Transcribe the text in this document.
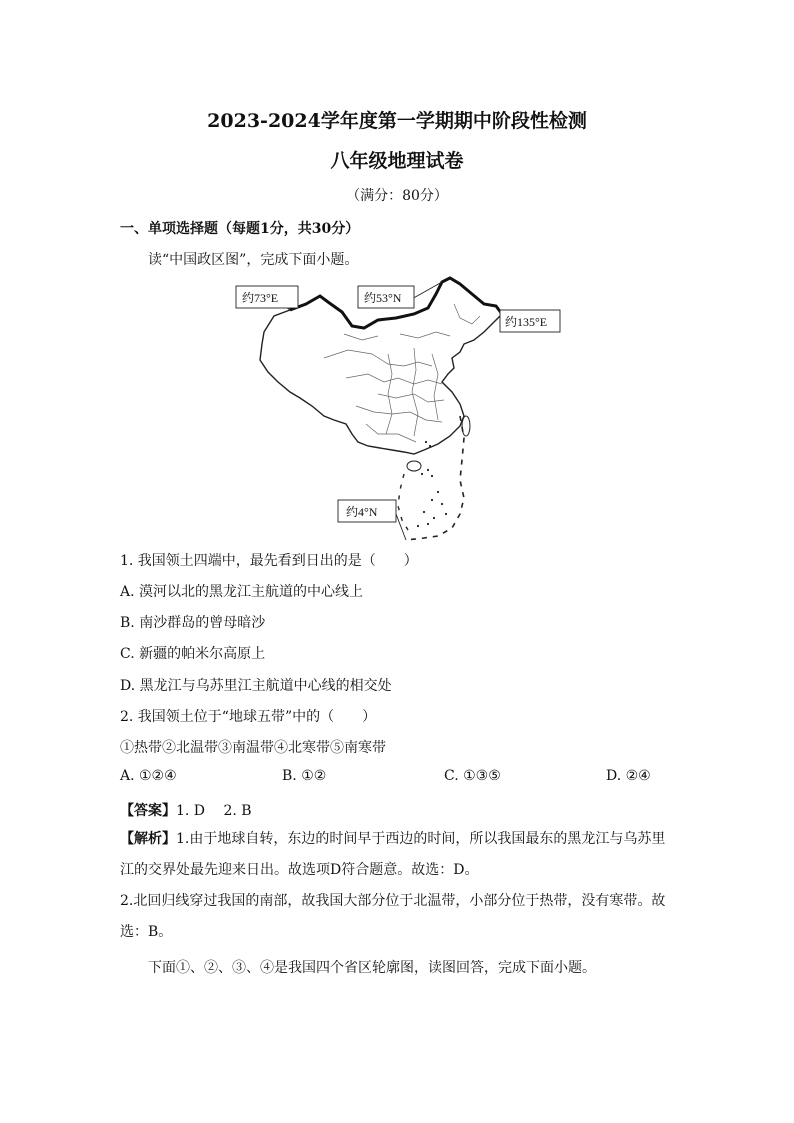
2023-2024学年度第一学期期中阶段性检测
八年级地理试卷
（满分：80分）
一、单项选择题（每题1分，共30分）
读“中国政区图”，完成下面小题。
约73°E	约53°N
约135°E
约4°N
1. 我国领土四端中，最先看到日出的是（　　）
A. 漠河以北的黑龙江主航道的中心线上
B. 南沙群岛的曾母暗沙
C. 新疆的帕米尔高原上
D. 黑龙江与乌苏里江主航道中心线的相交处
2. 我国领土位于“地球五带”中的（　　）
①热带②北温带③南温带④北寒带⑤南寒带
A. ①②④	B. ①②	C. ①③⑤	D. ②④
【答案】1. D　 2. B
【解析】1.由于地球自转，东边的时间早于西边的时间，所以我国最东的黑龙江与乌苏里江的交界处最先迎来日出。故选项D符合题意。故选：D。
2.北回归线穿过我国的南部，故我国大部分位于北温带，小部分位于热带，没有寒带。故选：B。
下面①、②、③、④是我国四个省区轮廓图，读图回答，完成下面小题。
